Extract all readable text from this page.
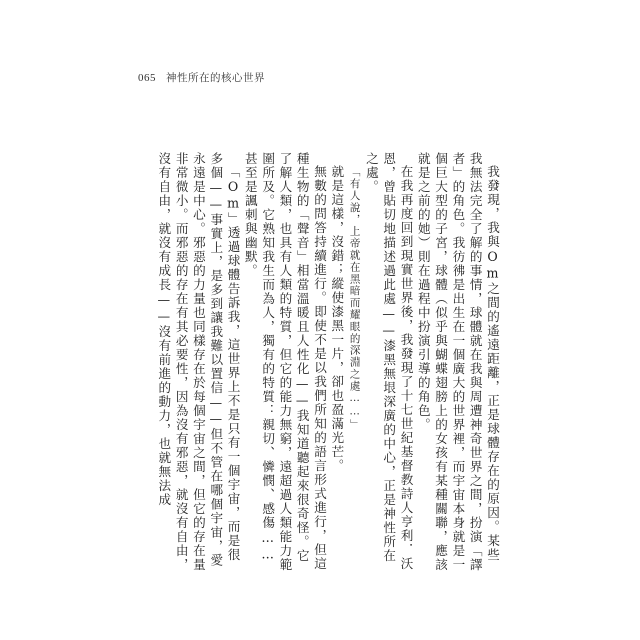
065 神性所在的核心世界

我發現，我與Om之間的遙遠距離，正是球體存在的原因。某些我無法完全了解的事情，球體就在我與周遭神奇世界之間，扮演「譯者」的角色。我彷彿是出生在一個廣大的世界裡，而宇宙本身就是一個巨大型的子宮，球體（似乎與蝴蝶翅膀上的女孩有某種關聯，應該就是之前的她）則在過程中扮演引導的角色。

在我再度回到現實世界後，我發現了十七世紀基督教詩人亨利．沃恩，曾貼切地描述過此處——漆黑無垠深廣的中心，正是神性所在之處。

「有人說，上帝就在黑暗而耀眼的深淵之處……」

就是這樣，沒錯；縱使漆黑一片，卻也盈滿光芒。

無數的問答持續進行。即使不是以我們所知的語言形式進行，但這種生物的「聲音」相當溫暖且人性化——我知道聽起來很奇怪。它了解人類，也具有人類的特質，但它的能力無窮，遠超過人類能力範圍所及。它熟知我生而為人，獨有的特質：親切、憐憫、感傷……甚至是諷刺與幽默。

「Om」透過球體告訴我，這世界上不是只有一個宇宙，而是很多個——事實上，是多到讓我難以置信——但不管在哪個宇宙，愛永遠是中心。邪惡的力量也同樣存在於每個宇宙之間，但它的存在量非常微小。而邪惡的存在有其必要性，因為沒有邪惡，就沒有自由，沒有自由，就沒有成長——沒有前進的動力，也就無法成
